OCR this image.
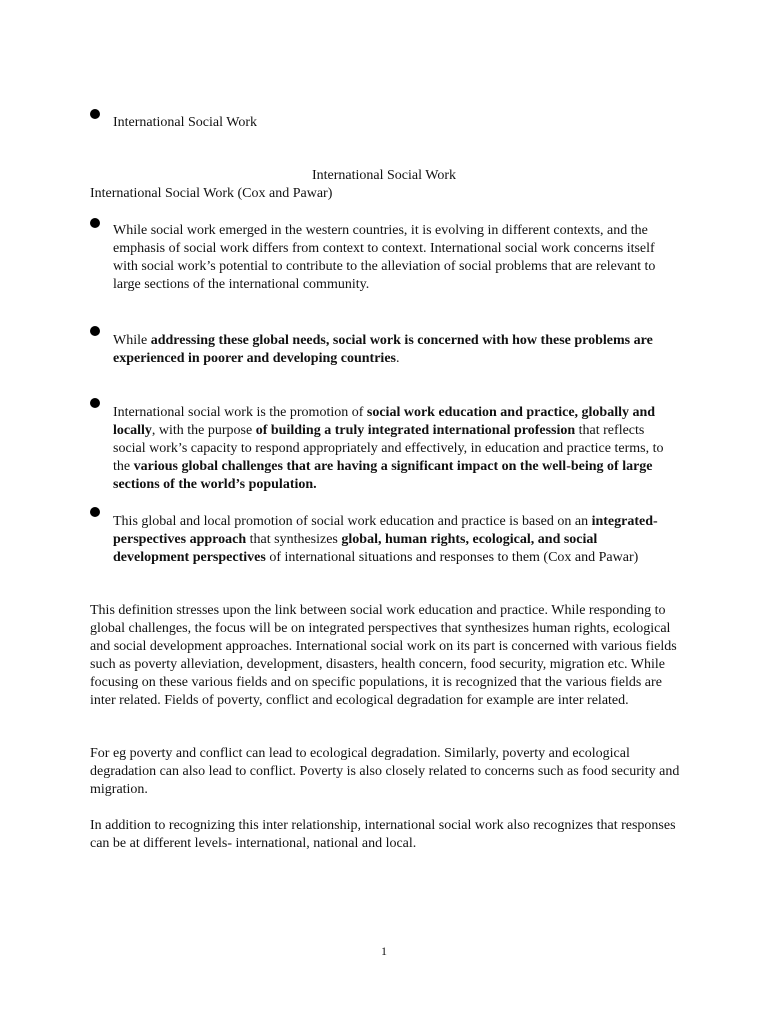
International Social Work
International Social Work
International Social Work (Cox and Pawar)
While social work emerged in the western countries, it is evolving in different contexts, and the emphasis of social work differs from context to context. International social work concerns itself with social work’s potential to contribute to the alleviation of social problems that are relevant to large sections of the international community.
While addressing these global needs, social work is concerned with how these problems are experienced in poorer and developing countries.
International social work is the promotion of social work education and practice, globally and locally, with the purpose of building a truly integrated international profession that reflects social work’s capacity to respond appropriately and effectively, in education and practice terms, to the various global challenges that are having a significant impact on the well-being of large sections of the world’s population.
This global and local promotion of social work education and practice is based on an integrated-perspectives approach that synthesizes global, human rights, ecological, and social development perspectives of international situations and responses to them (Cox and Pawar)
This definition stresses upon the link between social work education and practice. While responding to global challenges, the focus will be on integrated perspectives that synthesizes human rights, ecological and social development approaches. International social work on its part is concerned with various fields such as poverty alleviation, development, disasters, health concern, food security, migration etc. While focusing on these various fields and on specific populations, it is recognized that the various fields are inter related. Fields of poverty, conflict and ecological degradation for example are inter related.
For eg poverty and conflict can lead to ecological degradation. Similarly, poverty and ecological degradation can also lead to conflict. Poverty is also closely related to concerns such as food security and migration.
In addition to recognizing this inter relationship, international social work also recognizes that responses can be at different levels- international, national and local.
1
